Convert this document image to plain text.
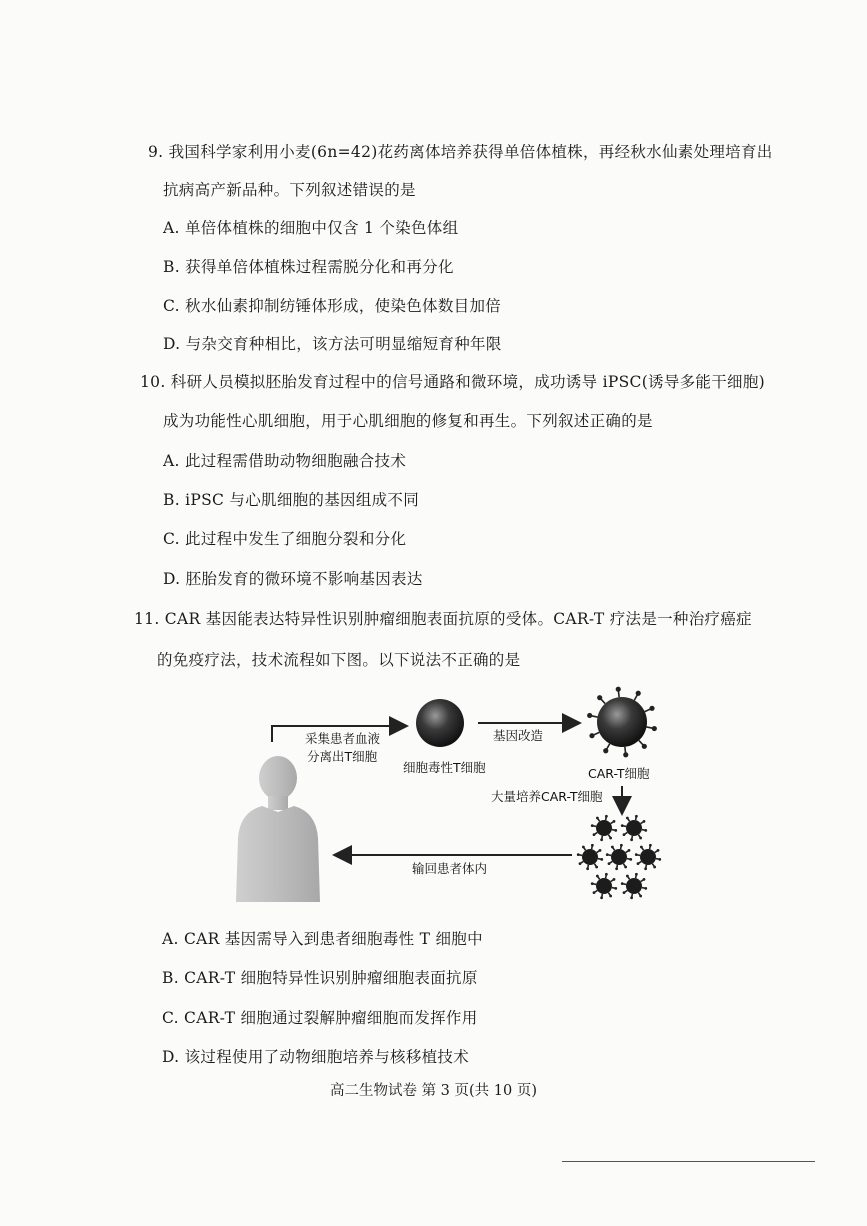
9. 我国科学家利用小麦(6n=42)花药离体培养获得单倍体植株，再经秋水仙素处理培育出
抗病高产新品种。下列叙述错误的是
A. 单倍体植株的细胞中仅含 1 个染色体组
B. 获得单倍体植株过程需脱分化和再分化
C. 秋水仙素抑制纺锤体形成，使染色体数目加倍
D. 与杂交育种相比，该方法可明显缩短育种年限
10. 科研人员模拟胚胎发育过程中的信号通路和微环境，成功诱导 iPSC(诱导多能干细胞)
成为功能性心肌细胞，用于心肌细胞的修复和再生。下列叙述正确的是
A. 此过程需借助动物细胞融合技术
B. iPSC 与心肌细胞的基因组成不同
C. 此过程中发生了细胞分裂和分化
D. 胚胎发育的微环境不影响基因表达
11. CAR 基因能表达特异性识别肿瘤细胞表面抗原的受体。CAR-T 疗法是一种治疗癌症
的免疫疗法，技术流程如下图。以下说法不正确的是
采集患者血液
分离出T细胞
细胞毒性T细胞
基因改造
CAR-T细胞
大量培养CAR-T细胞
输回患者体内
A. CAR 基因需导入到患者细胞毒性 T 细胞中
B. CAR-T 细胞特异性识别肿瘤细胞表面抗原
C. CAR-T 细胞通过裂解肿瘤细胞而发挥作用
D. 该过程使用了动物细胞培养与核移植技术
高二生物试卷 第 3 页(共 10 页)
